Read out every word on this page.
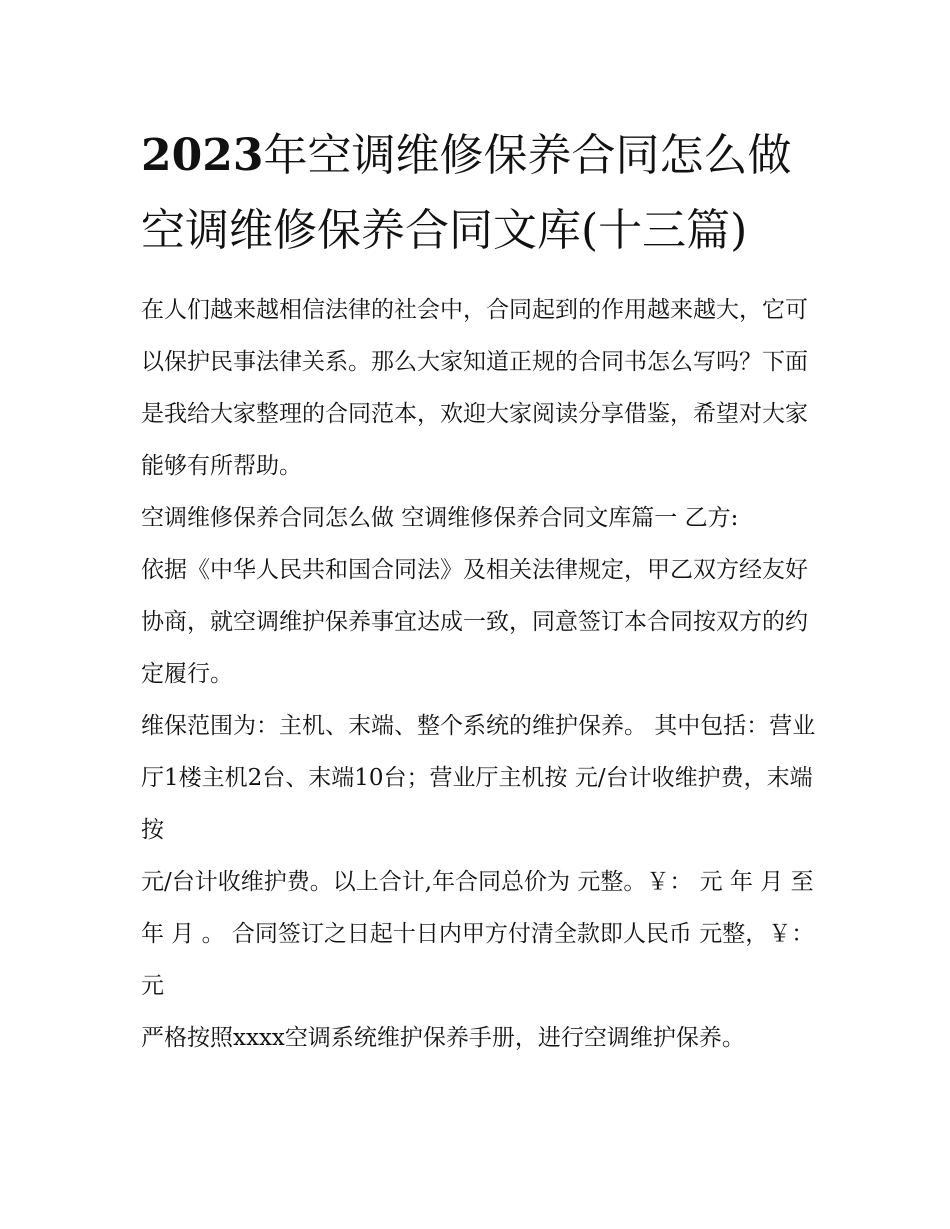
2023年空调维修保养合同怎么做 空调维修保养合同文库(十三篇)

在人们越来越相信法律的社会中，合同起到的作用越来越大，它可以保护民事法律关系。那么大家知道正规的合同书怎么写吗？下面是我给大家整理的合同范本，欢迎大家阅读分享借鉴，希望对大家能够有所帮助。

空调维修保养合同怎么做 空调维修保养合同文库篇一 乙方:

依据《中华人民共和国合同法》及相关法律规定，甲乙双方经友好协商，就空调维护保养事宜达成一致，同意签订本合同按双方的约定履行。

维保范围为：主机、末端、整个系统的维护保养。 其中包括：营业厅1楼主机2台、末端10台；营业厅主机按 元/台计收维护费，末端按

元/台计收维护费。以上合计,年合同总价为 元整。￥： 元 年 月 至 年 月 。 合同签订之日起十日内甲方付清全款即人民币 元整，￥： 元

严格按照xxxx空调系统维护保养手册，进行空调维护保养。
